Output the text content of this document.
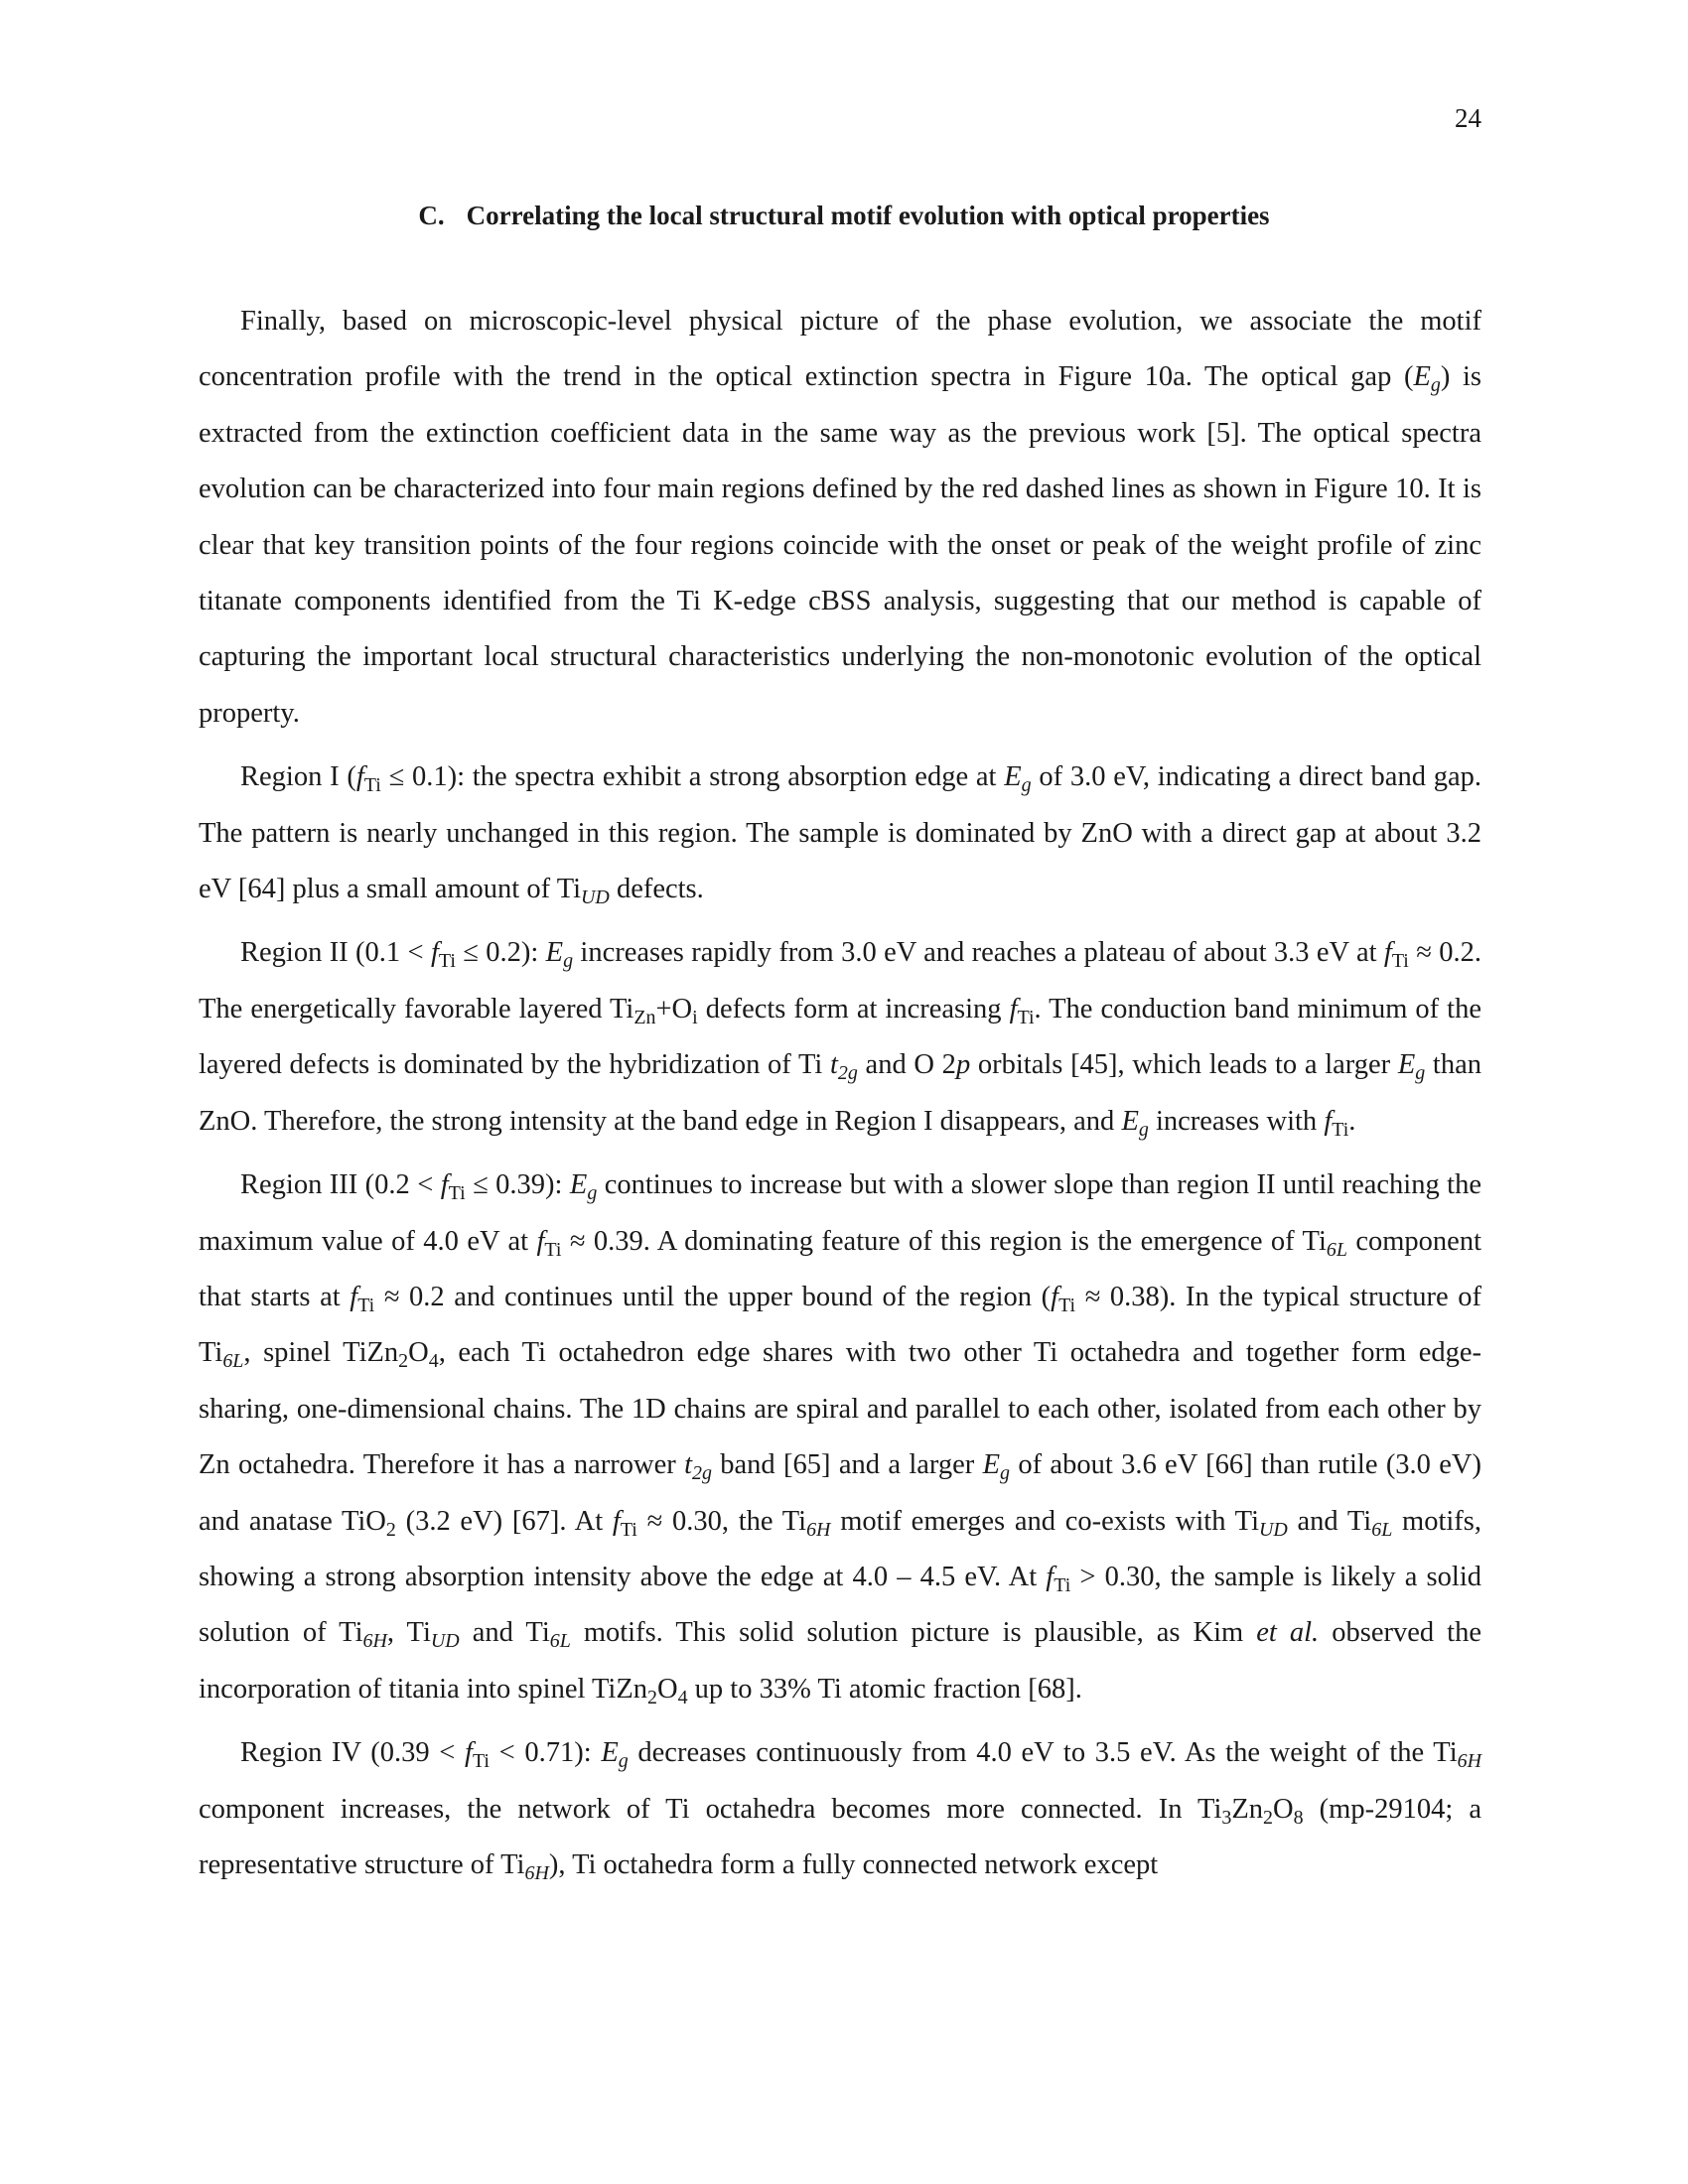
24
C. Correlating the local structural motif evolution with optical properties

Finally, based on microscopic-level physical picture of the phase evolution, we associate the motif concentration profile with the trend in the optical extinction spectra in Figure 10a. The optical gap $(E_g)$ is extracted from the extinction coefficient data in the same way as the previous work [5]. The optical spectra evolution can be characterized into four main regions defined by the red dashed lines as shown in Figure 10. It is clear that key transition points of the four regions coincide with the onset or peak of the weight profile of zinc titanate components identified from the Ti K-edge cBSS analysis, suggesting that our method is capable of capturing the important local structural characteristics underlying the non-monotonic evolution of the optical property.

Region I $(f_{Ti} \le 0.1)$: the spectra exhibit a strong absorption edge at $E_g$ of 3.0 eV, indicating a direct band gap. The pattern is nearly unchanged in this region. The sample is dominated by ZnO with a direct gap at about 3.2 eV [64] plus a small amount of $Ti_{UD}$ defects.

Region II $(0.1 < f_{Ti} \le 0.2)$: $E_g$ increases rapidly from 3.0 eV and reaches a plateau of about 3.3 eV at $f_{Ti} \approx 0.2$. The energetically favorable layered $Ti_{Zn}+O_i$ defects form at increasing $f_{Ti}$. The conduction band minimum of the layered defects is dominated by the hybridization of Ti $t_{2g}$ and O 2p orbitals [45], which leads to a larger $E_g$ than ZnO. Therefore, the strong intensity at the band edge in Region I disappears, and $E_g$ increases with $f_{Ti}$.

Region III $(0.2 < f_{Ti} \le 0.39)$: $E_g$ continues to increase but with a slower slope than region II until reaching the maximum value of 4.0 eV at $f_{Ti} \approx 0.39$. A dominating feature of this region is the emergence of $Ti_{6L}$ component that starts at $f_{Ti} \approx 0.2$ and continues until the upper bound of the region $(f_{Ti} \approx 0.38)$. In the typical structure of $Ti_{6L}$, spinel $TiZn_2O_4$, each Ti octahedron edge shares with two other Ti octahedra and together form edge-sharing, one-dimensional chains. The 1D chains are spiral and parallel to each other, isolated from each other by Zn octahedra. Therefore it has a narrower $t_{2g}$ band [65] and a larger $E_g$ of about 3.6 eV [66] than rutile (3.0 eV) and anatase TiO$_2$ (3.2 eV) [67]. At $f_{Ti} \approx 0.30$, the $Ti_{6H}$ motif emerges and co-exists with $Ti_{UD}$ and $Ti_{6L}$ motifs, showing a strong absorption intensity above the edge at 4.0 – 4.5 eV. At $f_{Ti} > 0.30$, the sample is likely a solid solution of $Ti_{6H}$, $Ti_{UD}$ and $Ti_{6L}$ motifs. This solid solution picture is plausible, as Kim et al. observed the incorporation of titania into spinel $TiZn_2O_4$ up to 33% Ti atomic fraction [68].

Region IV $(0.39 < f_{Ti} < 0.71)$: $E_g$ decreases continuously from 4.0 eV to 3.5 eV. As the weight of the $Ti_{6H}$ component increases, the network of Ti octahedra becomes more connected. In $Ti_3Zn_2O_8$ (mp-29104; a representative structure of $Ti_{6H}$), Ti octahedra form a fully connected network except
